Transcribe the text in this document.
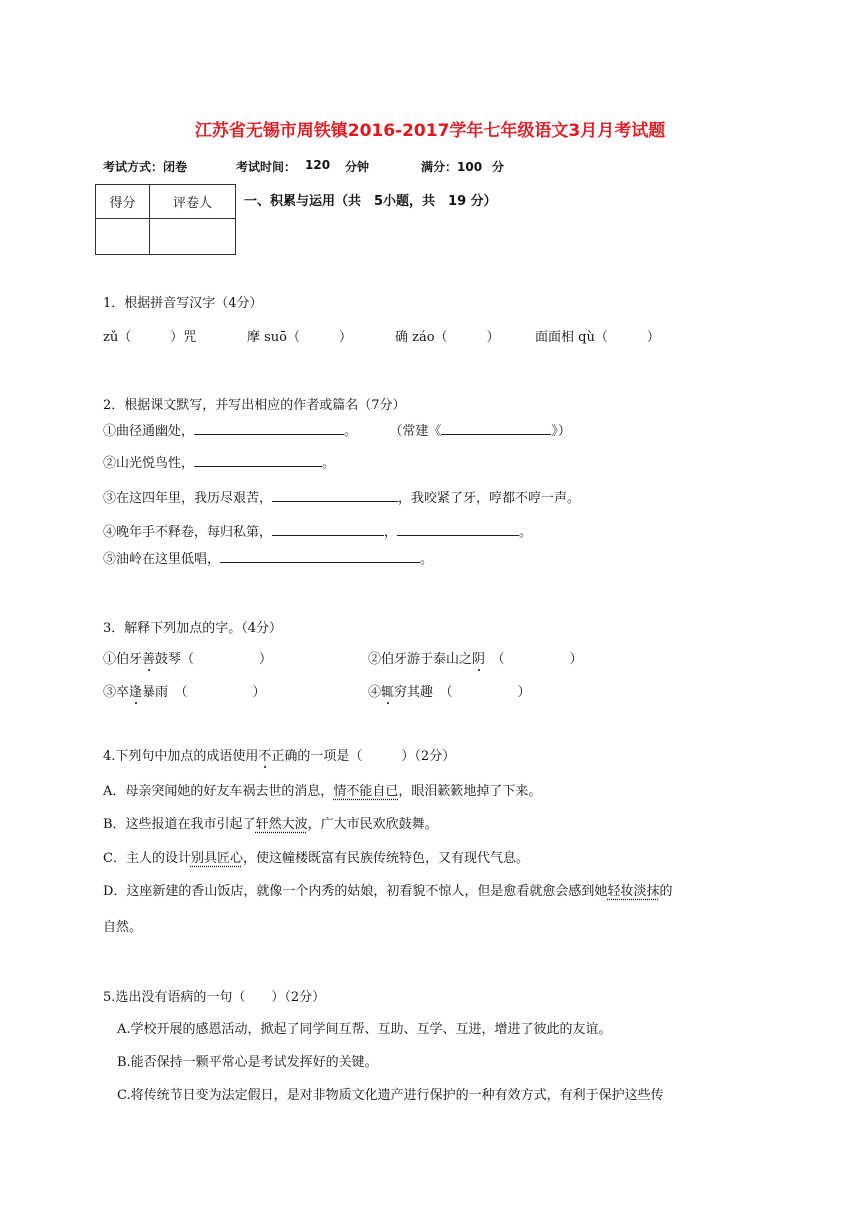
江苏省无锡市周铁镇2016-2017学年七年级语文3月月考试题
考试方式：闭卷	考试时间： 120 分钟	满分：100 分
得分	评卷人
	一、积累与运用（共　5小题，共　19 分）
1．根据拼音写汉字（4分）
zǔ（　　　）咒	摩 suō（　　　）	确 záo（　　　）	面面相 qù（　　　）
2．根据课文默写，并写出相应的作者或篇名（7分）
①曲径通幽处，	。 （常建《	》）
②山光悦鸟性，	。
③在这四年里，我历尽艰苦，	，我咬紧了牙，哼都不哼一声。
④晚年手不释卷，每归私第，	，	。
⑤油岭在这里低唱，	。
3．解释下列加点的字。（4分）
①伯牙善鼓琴（　　　　　）	②伯牙游于泰山之阴　（　　　　　）
③卒逢暴雨　（　　　　　）	④辄穷其趣　（　　　　　）
4.下列句中加点的成语使用不正确的一项是（　　　）（2分）
A．母亲突闻她的好友车祸去世的消息，情不能自已，眼泪簌簌地掉了下来。
B．这些报道在我市引起了轩然大波，广大市民欢欣鼓舞。
C．主人的设计别具匠心，使这幢楼既富有民族传统特色，又有现代气息。
D．这座新建的香山饭店，就像一个内秀的姑娘，初看貌不惊人，但是愈看就愈会感到她轻妆淡抹的
自然。
5.选出没有语病的一句（　　）（2分）
A.学校开展的感恩活动，掀起了同学间互帮、互助、互学、互进，增进了彼此的友谊。
B.能否保持一颗平常心是考试发挥好的关键。
C.将传统节日变为法定假日，是对非物质文化遗产进行保护的一种有效方式，有利于保护这些传
